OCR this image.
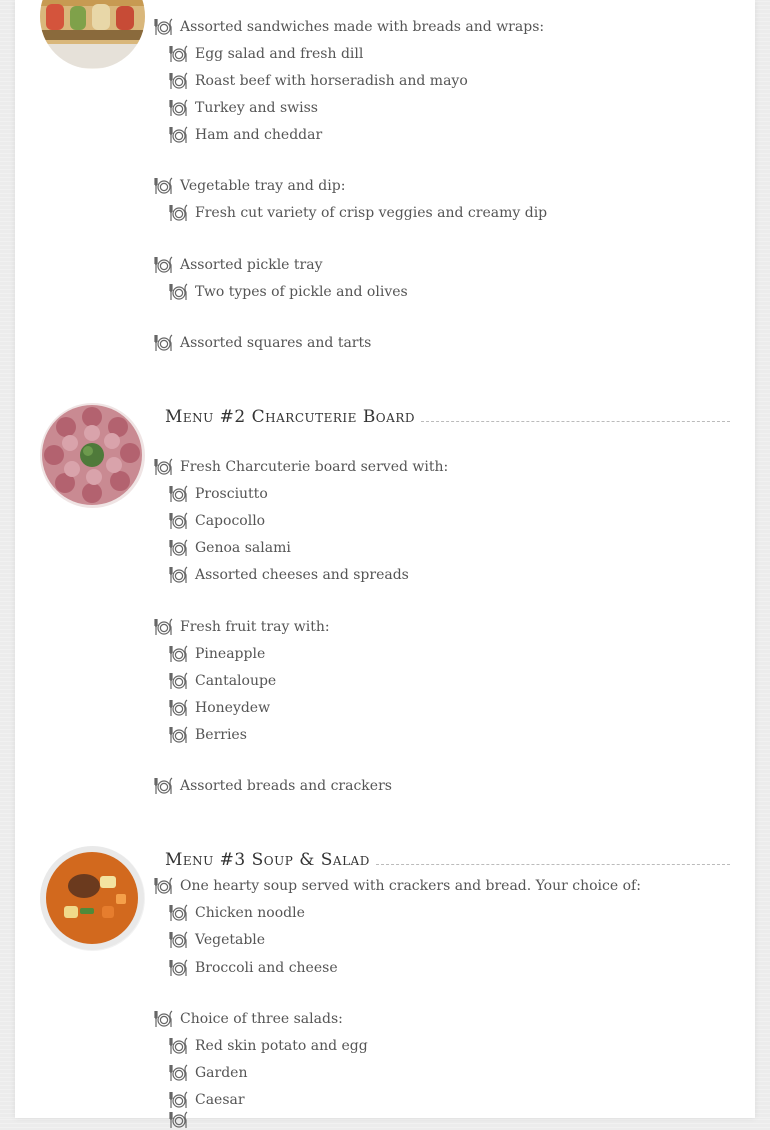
Menu #2 Charcuterie Board
Menu #3 Soup & Salad
Assorted sandwiches made with breads and wraps:
Egg salad and fresh dill
Roast beef with horseradish and mayo
Turkey and swiss
Ham and cheddar
Vegetable tray and dip:
Fresh cut variety of crisp veggies and creamy dip
Assorted pickle tray
Two types of pickle and olives
Assorted squares and tarts
Fresh Charcuterie board served with:
Prosciutto
Capocollo
Genoa salami
Assorted cheeses and spreads
Fresh fruit tray with:
Pineapple
Cantaloupe
Honeydew
Berries
Assorted breads and crackers
One hearty soup served with crackers and bread. Your choice of:
Chicken noodle
Vegetable
Broccoli and cheese
Choice of three salads:
Red skin potato and egg
Garden
Caesar
